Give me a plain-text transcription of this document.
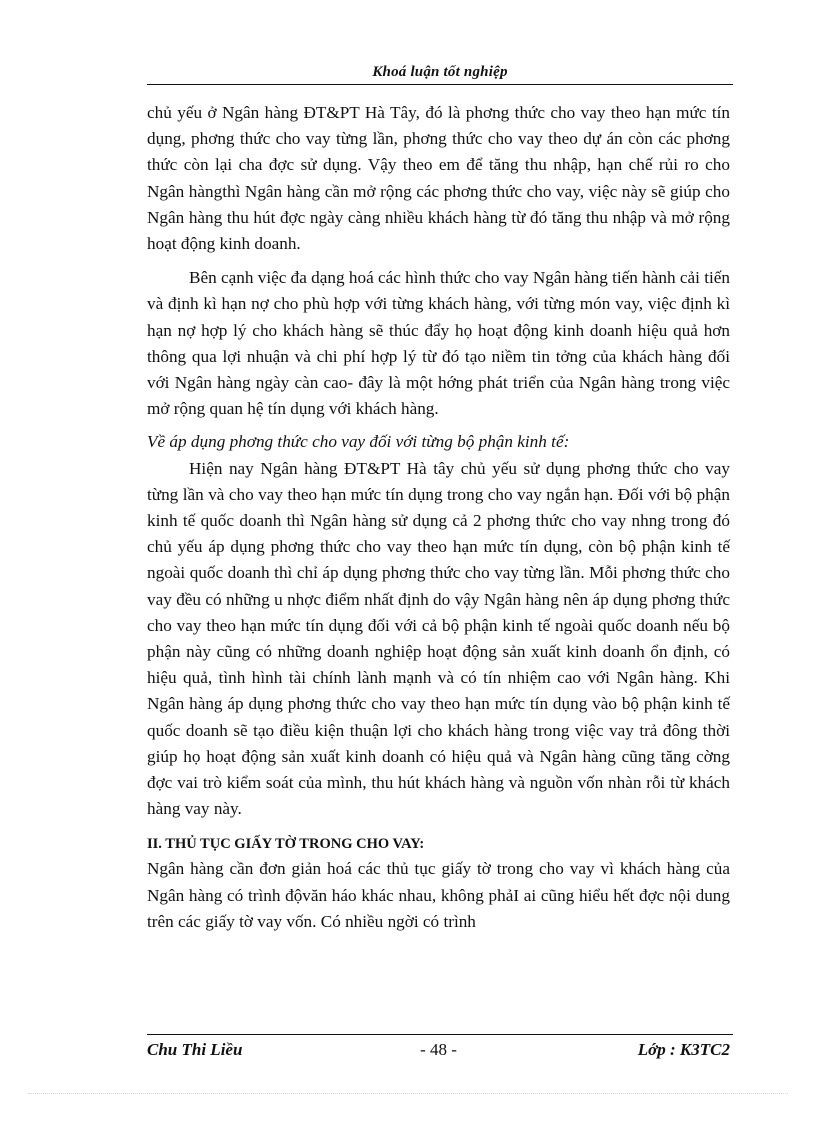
Khoá luận tốt nghiệp

chủ yếu ở Ngân hàng ĐT&PT Hà Tây, đó là phơng thức cho vay theo hạn mức tín dụng, phơng thức cho vay từng lần, phơng thức cho vay theo dự án còn các phơng thức còn lại cha đợc sử dụng. Vậy theo em để tăng thu nhập, hạn chế rủi ro cho Ngân hàngthì Ngân hàng cần mở rộng các phơng thức cho vay, việc này sẽ giúp cho Ngân hàng thu hút đợc ngày càng nhiều khách hàng từ đó tăng thu nhập và mở rộng hoạt động kinh doanh.

Bên cạnh việc đa dạng hoá các hình thức cho vay Ngân hàng tiến hành cải tiến và định kì hạn nợ cho phù hợp với từng khách hàng, với từng món vay, việc định kì hạn nợ hợp lý cho khách hàng sẽ thúc đẩy họ hoạt động kinh doanh hiệu quả hơn thông qua lợi nhuận và chi phí hợp lý từ đó tạo niềm tin tởng của khách hàng đối với Ngân hàng ngày càn cao- đây là một hớng phát triển của Ngân hàng trong việc mở rộng quan hệ tín dụng với khách hàng.

Về áp dụng phơng thức cho vay đối với từng bộ phận kinh tế:

Hiện nay Ngân hàng ĐT&PT Hà tây chủ yếu sử dụng phơng thức cho vay từng lần và cho vay theo hạn mức tín dụng trong cho vay ngắn hạn. Đối với bộ phận kinh tế quốc doanh thì Ngân hàng sử dụng cả 2 phơng thức cho vay nhng trong đó chủ yếu áp dụng phơng thức cho vay theo hạn mức tín dụng, còn bộ phận kinh tế ngoài quốc doanh thì chỉ áp dụng phơng thức cho vay từng lần. Mỗi phơng thức cho vay đều có những u nhợc điểm nhất định do vậy Ngân hàng nên áp dụng phơng thức cho vay theo hạn mức tín dụng đối với cả bộ phận kinh tế ngoài quốc doanh nếu bộ phận này cũng có những doanh nghiệp hoạt động sản xuất kinh doanh ổn định, có hiệu quả, tình hình tài chính lành mạnh và có tín nhiệm cao với Ngân hàng. Khi Ngân hàng áp dụng phơng thức cho vay theo hạn mức tín dụng vào bộ phận kinh tế quốc doanh sẽ tạo điều kiện thuận lợi cho khách hàng trong việc vay trả đông thời giúp họ hoạt động sản xuất kinh doanh có hiệu quả và Ngân hàng cũng tăng cờng đợc vai trò kiểm soát của mình, thu hút khách hàng và nguồn vốn nhàn rỗi từ khách hàng vay này.

II. THỦ TỤC GIẤY TỜ TRONG CHO VAY:

Ngân hàng cần đơn giản hoá các thủ tục giấy tờ trong cho vay vì khách hàng của Ngân hàng có trình độvăn háo khác nhau, không phảI ai cũng hiểu hết đợc nội dung trên các giấy tờ vay vốn. Có nhiều ngời có trình

Chu Thi Liều	- 48 -	Lớp : K3TC2
